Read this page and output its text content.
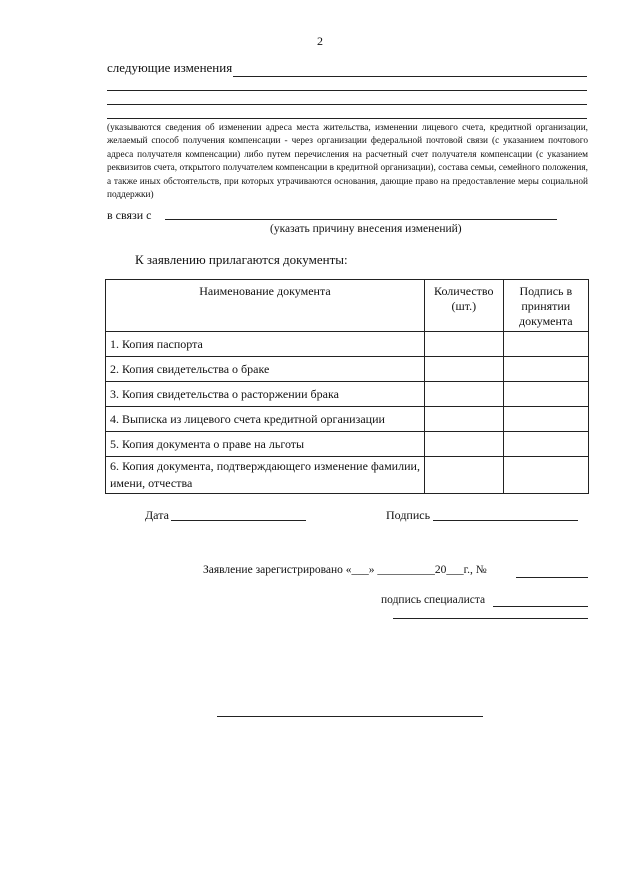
2
следующие изменения
(указываются сведения об изменении адреса места жительства, изменении лицевого счета, кредитной организации, желаемый способ получения компенсации - через организации федеральной почтовой связи (с указанием почтового адреса получателя компенсации) либо путем перечисления на расчетный счет получателя компенсации (с указанием реквизитов счета, открытого получателем компенсации в кредитной организации), состава семьи, семейного положения, а также иных обстоятельств, при которых утрачиваются основания, дающие право на предоставление меры социальной поддержки)
в связи с
(указать причину внесения изменений)
К заявлению прилагаются документы:
Наименование документа	Количество (шт.)	Подпись в принятии документа
1. Копия паспорта		
2. Копия свидетельства о браке		
3. Копия свидетельства о расторжении брака		
4. Выписка из лицевого счета кредитной организации		
5. Копия документа о праве на льготы		
6. Копия документа, подтверждающего изменение фамилии, имени, отчества		
Дата	Подпись
Заявление зарегистрировано «___» __________20___г., №
подпись специалиста
